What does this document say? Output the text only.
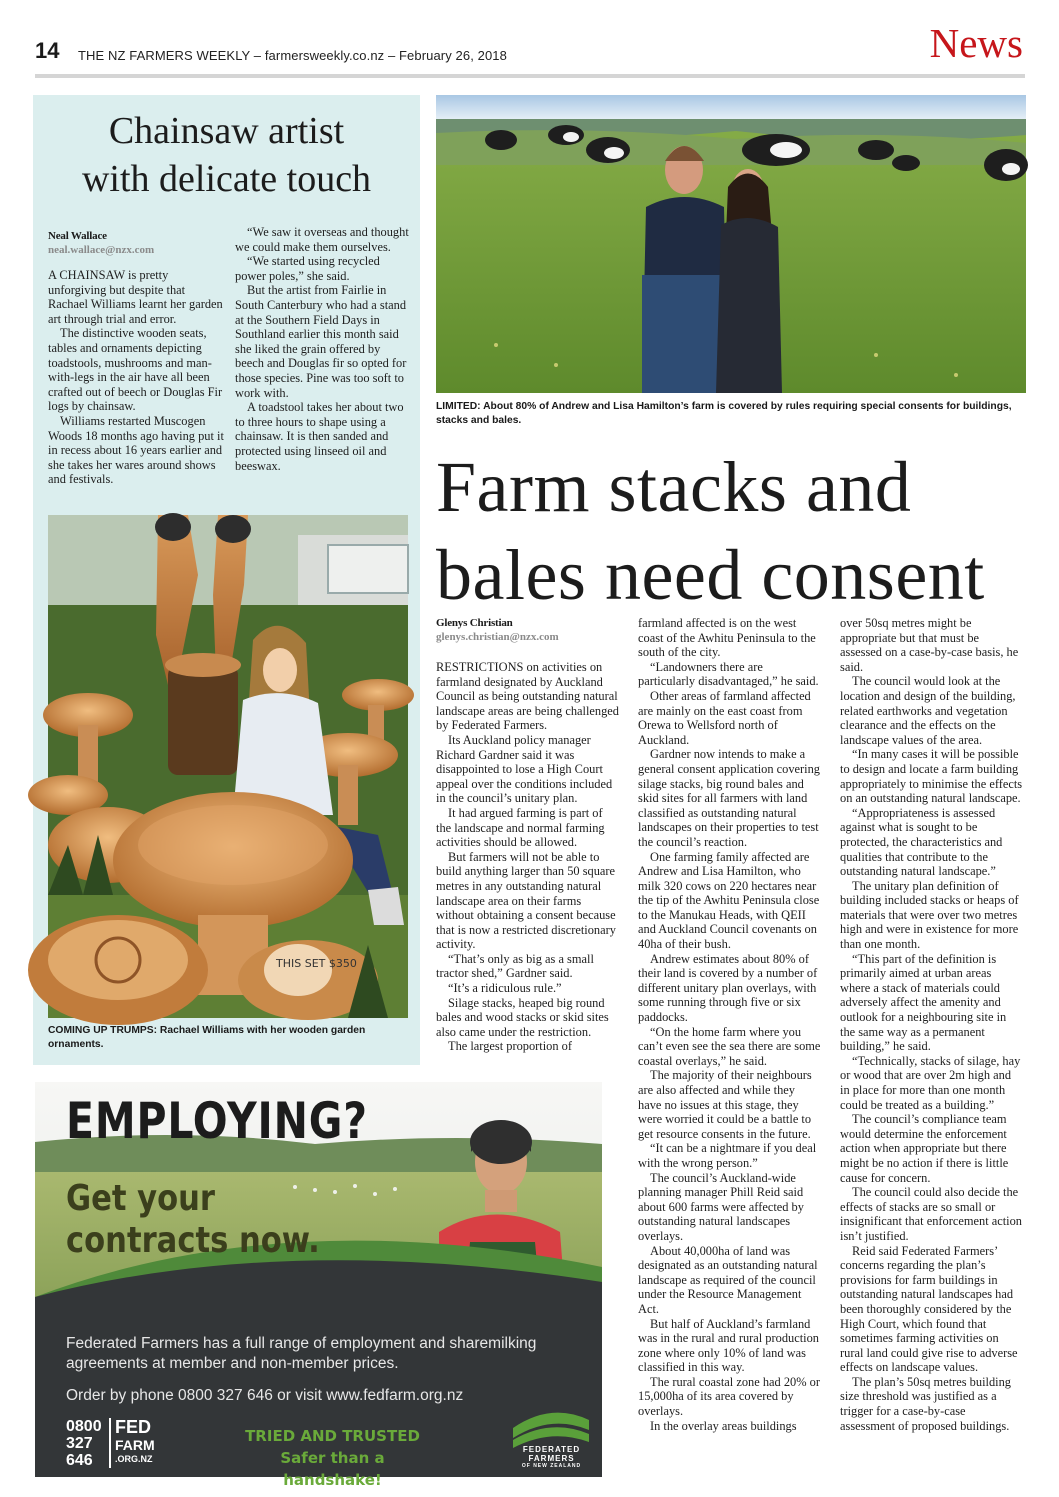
14 THE NZ FARMERS WEEKLY – farmersweekly.co.nz – February 26, 2018	News
Chainsaw artist
with delicate touch
Neal Wallace
neal.wallace@nzx.com

A CHAINSAW is pretty unforgiving but despite that Rachael Williams learnt her garden art through trial and error.

The distinctive wooden seats, tables and ornaments depicting toadstools, mushrooms and man-with-legs in the air have all been crafted out of beech or Douglas Fir logs by chainsaw.

Williams restarted Muscogen Woods 18 months ago having put it in recess about 16 years earlier and she takes her wares around shows and festivals.

“We saw it overseas and thought we could make them ourselves.

“We started using recycled power poles,” she said.

But the artist from Fairlie in South Canterbury who had a stand at the Southern Field Days in Southland earlier this month said she liked the grain offered by beech and Douglas fir so opted for those species. Pine was too soft to work with.

A toadstool takes her about two to three hours to shape using a chainsaw. It is then sanded and protected using linseed oil and beeswax.

THIS SET $350
COMING UP TRUMPS: Rachael Williams with her wooden garden ornaments.
LIMITED: About 80% of Andrew and Lisa Hamilton’s farm is covered by rules requiring special consents for buildings, stacks and bales.
Farm stacks and
bales need consent
Glenys Christian
glenys.christian@nzx.com

RESTRICTIONS on activities on farmland designated by Auckland Council as being outstanding natural landscape areas are being challenged by Federated Farmers.

Its Auckland policy manager Richard Gardner said it was disappointed to lose a High Court appeal over the conditions included in the council’s unitary plan.

It had argued farming is part of the landscape and normal farming activities should be allowed.

But farmers will not be able to build anything larger than 50 square metres in any outstanding natural landscape area on their farms without obtaining a consent because that is now a restricted discretionary activity.

“That’s only as big as a small tractor shed,” Gardner said.

“It’s a ridiculous rule.”

Silage stacks, heaped big round bales and wood stacks or skid sites also came under the restriction.

The largest proportion of

farmland affected is on the west coast of the Awhitu Peninsula to the south of the city.

“Landowners there are particularly disadvantaged,” he said.

Other areas of farmland affected are mainly on the east coast from Orewa to Wellsford north of Auckland.

Gardner now intends to make a general consent application covering silage stacks, big round bales and skid sites for all farmers with land classified as outstanding natural landscapes on their properties to test the council’s reaction.

One farming family affected are Andrew and Lisa Hamilton, who milk 320 cows on 220 hectares near the tip of the Awhitu Peninsula close to the Manukau Heads, with QEII and Auckland Council covenants on 40ha of their bush.

Andrew estimates about 80% of their land is covered by a number of different unitary plan overlays, with some running through five or six paddocks.

“On the home farm where you can’t even see the sea there are some coastal overlays,” he said.

The majority of their neighbours are also affected and while they have no issues at this stage, they were worried it could be a battle to get resource consents in the future.

“It can be a nightmare if you deal with the wrong person.”

The council’s Auckland-wide planning manager Phill Reid said about 600 farms were affected by outstanding natural landscapes overlays.

About 40,000ha of land was designated as an outstanding natural landscape as required of the council under the Resource Management Act.

But half of Auckland’s farmland was in the rural and rural production zone where only 10% of land was classified in this way.

The rural coastal zone had 20% or 15,000ha of its area covered by overlays.

In the overlay areas buildings

over 50sq metres might be appropriate but that must be assessed on a case-by-case basis, he said.

The council would look at the location and design of the building, related earthworks and vegetation clearance and the effects on the landscape values of the area.

“In many cases it will be possible to design and locate a farm building appropriately to minimise the effects on an outstanding natural landscape.

“Appropriateness is assessed against what is sought to be protected, the characteristics and qualities that contribute to the outstanding natural landscape.”

The unitary plan definition of building included stacks or heaps of materials that were over two metres high and were in existence for more than one month.

“This part of the definition is primarily aimed at urban areas where a stack of materials could adversely affect the amenity and outlook for a neighbouring site in the same way as a permanent building,” he said.

“Technically, stacks of silage, hay or wood that are over 2m high and in place for more than one month could be treated as a building.”

The council’s compliance team would determine the enforcement action when appropriate but there might be no action if there is little cause for concern.

The council could also decide the effects of stacks are so small or insignificant that enforcement action isn’t justified.

Reid said Federated Farmers’ concerns regarding the plan’s provisions for farm buildings in outstanding natural landscapes had been thoroughly considered by the High Court, which found that sometimes farming activities on rural land could give rise to adverse effects on landscape values.

The plan’s 50sq metres building size threshold was justified as a trigger for a case-by-case assessment of proposed buildings.

EMPLOYING?
Get your
contracts now.
Federated Farmers has a full range of employment and sharemilking agreements at member and non-member prices.
Order by phone 0800 327 646 or visit www.fedfarm.org.nz
0800
327
646
FED
FARM
.ORG.NZ
TRIED AND TRUSTED
Safer than a handshake!
FEDERATED
FARMERS
OF NEW ZEALAND
